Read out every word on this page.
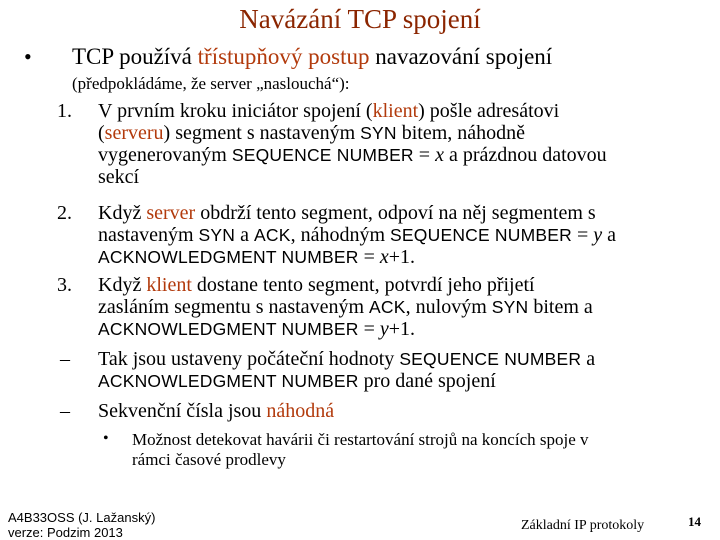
Navázání TCP spojení
• TCP používá třístupňový postup navazování spojení
(předpokládáme, že server „naslouchá“):
1. V prvním kroku iniciátor spojení (klient) pošle adresátovi
(serveru) segment s nastaveným SYN bitem, náhodně
vygenerovaným SEQUENCE NUMBER = x a prázdnou datovou
sekcí
2. Když server obdrží tento segment, odpoví na něj segmentem s
nastaveným SYN a ACK, náhodným SEQUENCE NUMBER = y a
ACKNOWLEDGMENT NUMBER = x+1.
3. Když klient dostane tento segment, potvrdí jeho přijetí
zasláním segmentu s nastaveným ACK, nulovým SYN bitem a
ACKNOWLEDGMENT NUMBER = y+1.
– Tak jsou ustaveny počáteční hodnoty SEQUENCE NUMBER a
ACKNOWLEDGMENT NUMBER pro dané spojení
– Sekvenční čísla jsou náhodná
• Možnost detekovat havárii či restartování strojů na koncích spoje v
rámci časové prodlevy
A4B33OSS (J. Lažanský)
verze: Podzim 2013	Základní IP protokoly	14
